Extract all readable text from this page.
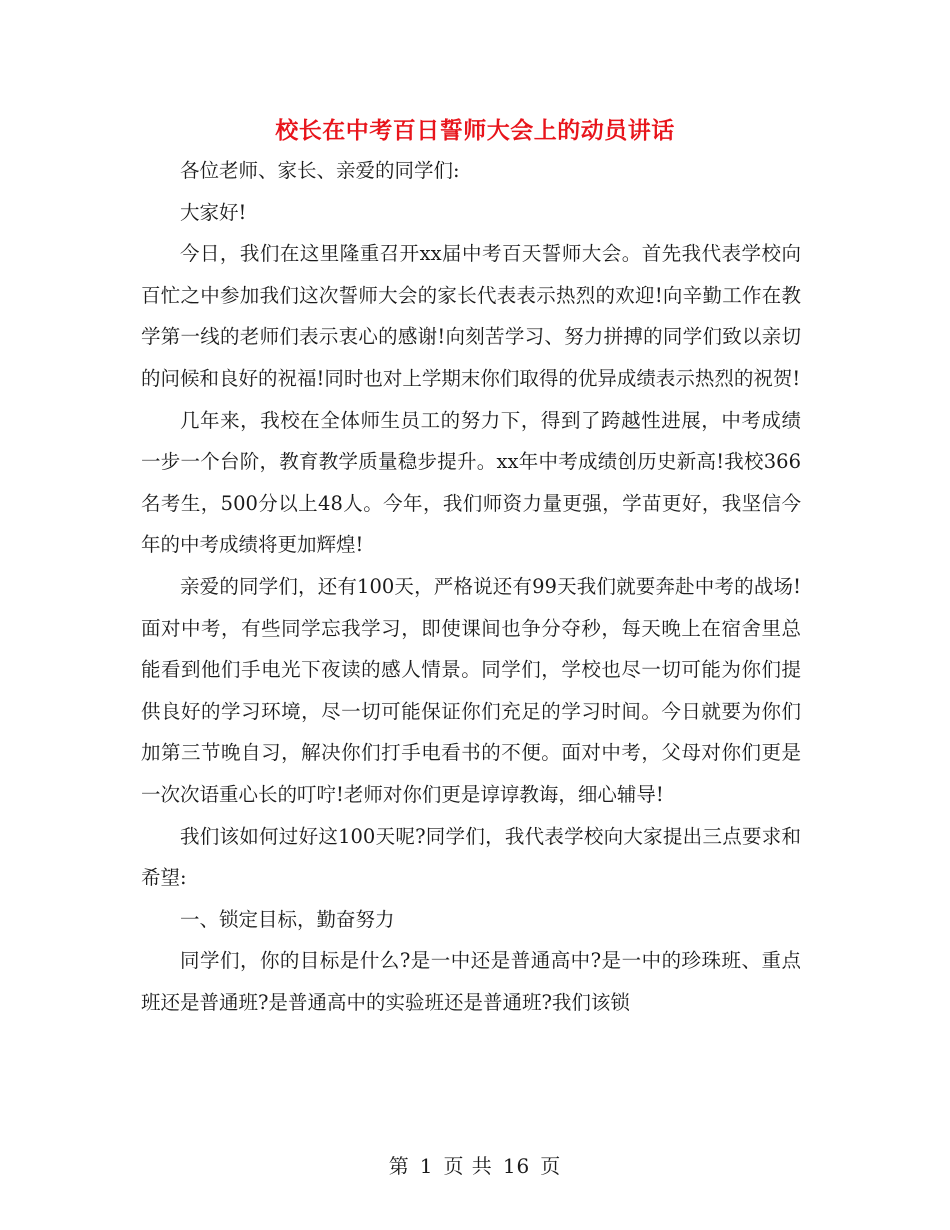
校长在中考百日誓师大会上的动员讲话

各位老师、家长、亲爱的同学们:

大家好!

今日，我们在这里隆重召开xx届中考百天誓师大会。首先我代表学校向百忙之中参加我们这次誓师大会的家长代表表示热烈的欢迎!向辛勤工作在教学第一线的老师们表示衷心的感谢!向刻苦学习、努力拼搏的同学们致以亲切的问候和良好的祝福!同时也对上学期末你们取得的优异成绩表示热烈的祝贺!

几年来，我校在全体师生员工的努力下，得到了跨越性进展，中考成绩一步一个台阶，教育教学质量稳步提升。xx年中考成绩创历史新高!我校366名考生，500分以上48人。今年，我们师资力量更强，学苗更好，我坚信今年的中考成绩将更加辉煌!

亲爱的同学们，还有100天，严格说还有99天我们就要奔赴中考的战场!面对中考，有些同学忘我学习，即使课间也争分夺秒，每天晚上在宿舍里总能看到他们手电光下夜读的感人情景。同学们，学校也尽一切可能为你们提供良好的学习环境，尽一切可能保证你们充足的学习时间。今日就要为你们加第三节晚自习，解决你们打手电看书的不便。面对中考，父母对你们更是一次次语重心长的叮咛!老师对你们更是谆谆教诲，细心辅导!

我们该如何过好这100天呢?同学们，我代表学校向大家提出三点要求和希望:

一、锁定目标，勤奋努力

同学们，你的目标是什么?是一中还是普通高中?是一中的珍珠班、重点班还是普通班?是普通高中的实验班还是普通班?我们该锁

第 1 页 共 16 页
